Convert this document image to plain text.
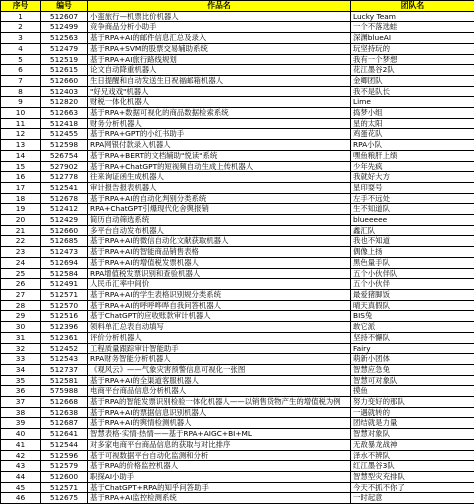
序号	编号	作品名	团队名
1	512607	小蛮旅行—机票比价机器人	Lucky Team
2	512499	竞争商品分析小助手	一个不落选蛙
3	512563	基于RPA+AI的邮件信息汇总及录入	深渊blueAI
4	512479	基于RPA+SVM的股票交易辅助系统	玩坚持玩的
5	512519	基于RPA+AI旅行路线规划	我有一个梦想
6	512615	论文自动降重机器人	花江墨谷2队
7	512660	生日提醒和自动发送生日祝福邮箱机器人	金卿团队
8	512403	"好兄戏戏"机器人	我不是队长
9	512820	财税一体化机器人	Lime
10	512663	基于RPA+数据可视化的商品数据检索系统	捣梦小组
11	512418	财务分析机器人	星的太阳
12	512455	基于RPA+GPT的小红书助手	鸡蛋花队
13	512598	RPA网银付款录入机器人	RPA小队
14	526754	基于RPA+BERT的文档辅助"悦读"系统	嘿鱼粮肝上绩
15	527902	基于RPA+ChatGPT的短视频自动生成上传机器人	少年先疯
16	512778	往来询证函生成机器人	我就好大方
17	512541	审计报告报表机器人	星印耍号
18	512678	基于RPA+AI的自动化判别分类系统	左手不远处
19	512412	RPA+ChatGPT引爆现代化舍舆报销	生不知道队
20	512429	简历自动筛选系统	blueeeee
21	512660	多平台自动发布机器人	鑫汇队
22	512685	基于RPA+AI的微信自动化文献获取机器人	我也不知道
23	512473	基于RPA+AI的智能商品销售表格	偶像上扬
24	512694	基于RPA+AI的增值税发票机器人	黑色量手队
25	512584	RPA增值税发票识别和查验机器人	五个小伙伴队
26	512491	人民币汇率中间价	五个小伙伴
27	512571	基于RPA+AI的学生表格识别规分类系统	最爱猪脚饭
28	512570	基于RPA+AI的呼呼哗哗自我问答机器人	晴天真假队
29	512516	基于ChatGPT的应收账款审计机器人	BIS兔
30	512396	领料单汇总表自动填写	敢它派
31	512361	评价分析机器人	坚持不懈队
32	512452	工程质量跟踪审计智能助手	Fairy
33	512543	RPA财务智能分析机器人	萌新小团体
34	512737	《观风云》——气象灾害预警信息可视化一张图	智慧应急兔
35	512581	基于RPA+AI的全渠道客服机器人	智慧可对象队
36	575988	电商平台商品信息分析机器人	摸鱼
37	512668	基于RPA的智能发票识别检验一体化机器人——以销售货物产生的增值税为例	努力变好的那队
38	512638	基于RPA+AI的票据信息识别机器人	一遇就转的
39	512687	基于RPA+AI的舆情检测机器人	团结就是力量
40	512641	智慧表格·实情·热情——基于RPA+AIGC+BI+ML	智慧对象队
41	512544	对多家电商平台商品信息的获取与对比排序	无敌暴龙战神
42	512596	基于可视数据平台自动化监测和分析	泽水不辨队
43	512579	基于RPA的价格监控机器人	红江墨谷3队
44	512600	职探AI小助手	智慧型灾充排队
45	512571	基于ChatGPT+RPA的知乎问答助手	今天不抓不你了
46	512675	基于RPA+AI监控检测系统	一时起意
